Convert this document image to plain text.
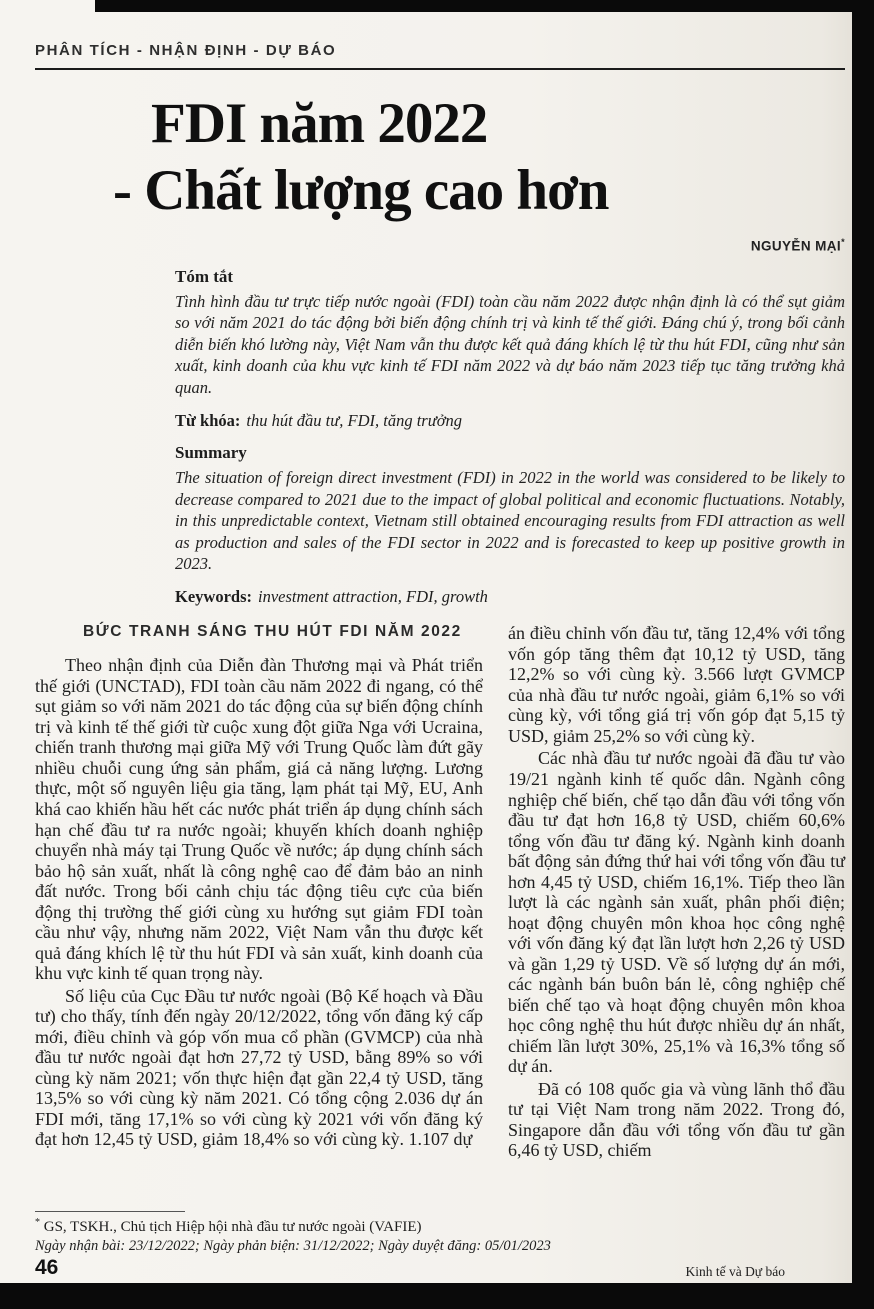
PHÂN TÍCH - NHẬN ĐỊNH - DỰ BÁO
FDI năm 2022
- Chất lượng cao hơn
NGUYỄN MẠI*
Tóm tắt
Tình hình đầu tư trực tiếp nước ngoài (FDI) toàn cầu năm 2022 được nhận định là có thể sụt giảm so với năm 2021 do tác động bởi biến động chính trị và kinh tế thế giới. Đáng chú ý, trong bối cảnh diễn biến khó lường này, Việt Nam vẫn thu được kết quả đáng khích lệ từ thu hút FDI, cũng như sản xuất, kinh doanh của khu vực kinh tế FDI năm 2022 và dự báo năm 2023 tiếp tục tăng trưởng khả quan.
Từ khóa: thu hút đầu tư, FDI, tăng trưởng
Summary
The situation of foreign direct investment (FDI) in 2022 in the world was considered to be likely to decrease compared to 2021 due to the impact of global political and economic fluctuations. Notably, in this unpredictable context, Vietnam still obtained encouraging results from FDI attraction as well as production and sales of the FDI sector in 2022 and is forecasted to keep up positive growth in 2023.
Keywords: investment attraction, FDI, growth
BỨC TRANH SÁNG THU HÚT FDI NĂM 2022

Theo nhận định của Diễn đàn Thương mại và Phát triển thế giới (UNCTAD), FDI toàn cầu năm 2022 đi ngang, có thể sụt giảm so với năm 2021 do tác động của sự biến động chính trị và kinh tế thế giới từ cuộc xung đột giữa Nga với Ucraina, chiến tranh thương mại giữa Mỹ với Trung Quốc làm đứt gãy nhiều chuỗi cung ứng sản phẩm, giá cả năng lượng. Lương thực, một số nguyên liệu gia tăng, lạm phát tại Mỹ, EU, Anh khá cao khiến hầu hết các nước phát triển áp dụng chính sách hạn chế đầu tư ra nước ngoài; khuyến khích doanh nghiệp chuyển nhà máy tại Trung Quốc về nước; áp dụng chính sách bảo hộ sản xuất, nhất là công nghệ cao để đảm bảo an ninh đất nước. Trong bối cảnh chịu tác động tiêu cực của biến động thị trường thế giới cùng xu hướng sụt giảm FDI toàn cầu như vậy, nhưng năm 2022, Việt Nam vẫn thu được kết quả đáng khích lệ từ thu hút FDI và sản xuất, kinh doanh của khu vực kinh tế quan trọng này.

Số liệu của Cục Đầu tư nước ngoài (Bộ Kế hoạch và Đầu tư) cho thấy, tính đến ngày 20/12/2022, tổng vốn đăng ký cấp mới, điều chỉnh và góp vốn mua cổ phần (GVMCP) của nhà đầu tư nước ngoài đạt hơn 27,72 tỷ USD, bằng 89% so với cùng kỳ năm 2021; vốn thực hiện đạt gần 22,4 tỷ USD, tăng 13,5% so với cùng kỳ năm 2021. Có tổng cộng 2.036 dự án FDI mới, tăng 17,1% so với cùng kỳ 2021 với vốn đăng ký đạt hơn 12,45 tỷ USD, giảm 18,4% so với cùng kỳ. 1.107 dự

án điều chỉnh vốn đầu tư, tăng 12,4% với tổng vốn góp tăng thêm đạt 10,12 tỷ USD, tăng 12,2% so với cùng kỳ. 3.566 lượt GVMCP của nhà đầu tư nước ngoài, giảm 6,1% so với cùng kỳ, với tổng giá trị vốn góp đạt 5,15 tỷ USD, giảm 25,2% so với cùng kỳ.

Các nhà đầu tư nước ngoài đã đầu tư vào 19/21 ngành kinh tế quốc dân. Ngành công nghiệp chế biến, chế tạo dẫn đầu với tổng vốn đầu tư đạt hơn 16,8 tỷ USD, chiếm 60,6% tổng vốn đầu tư đăng ký. Ngành kinh doanh bất động sản đứng thứ hai với tổng vốn đầu tư hơn 4,45 tỷ USD, chiếm 16,1%. Tiếp theo lần lượt là các ngành sản xuất, phân phối điện; hoạt động chuyên môn khoa học công nghệ với vốn đăng ký đạt lần lượt hơn 2,26 tỷ USD và gần 1,29 tỷ USD. Về số lượng dự án mới, các ngành bán buôn bán lẻ, công nghiệp chế biến chế tạo và hoạt động chuyên môn khoa học công nghệ thu hút được nhiều dự án nhất, chiếm lần lượt 30%, 25,1% và 16,3% tổng số dự án.

Đã có 108 quốc gia và vùng lãnh thổ đầu tư tại Việt Nam trong năm 2022. Trong đó, Singapore dẫn đầu với tổng vốn đầu tư gần 6,46 tỷ USD, chiếm

* GS, TSKH., Chủ tịch Hiệp hội nhà đầu tư nước ngoài (VAFIE)

Ngày nhận bài: 23/12/2022; Ngày phản biện: 31/12/2022; Ngày duyệt đăng: 05/01/2023

46	Kinh tế và Dự báo
